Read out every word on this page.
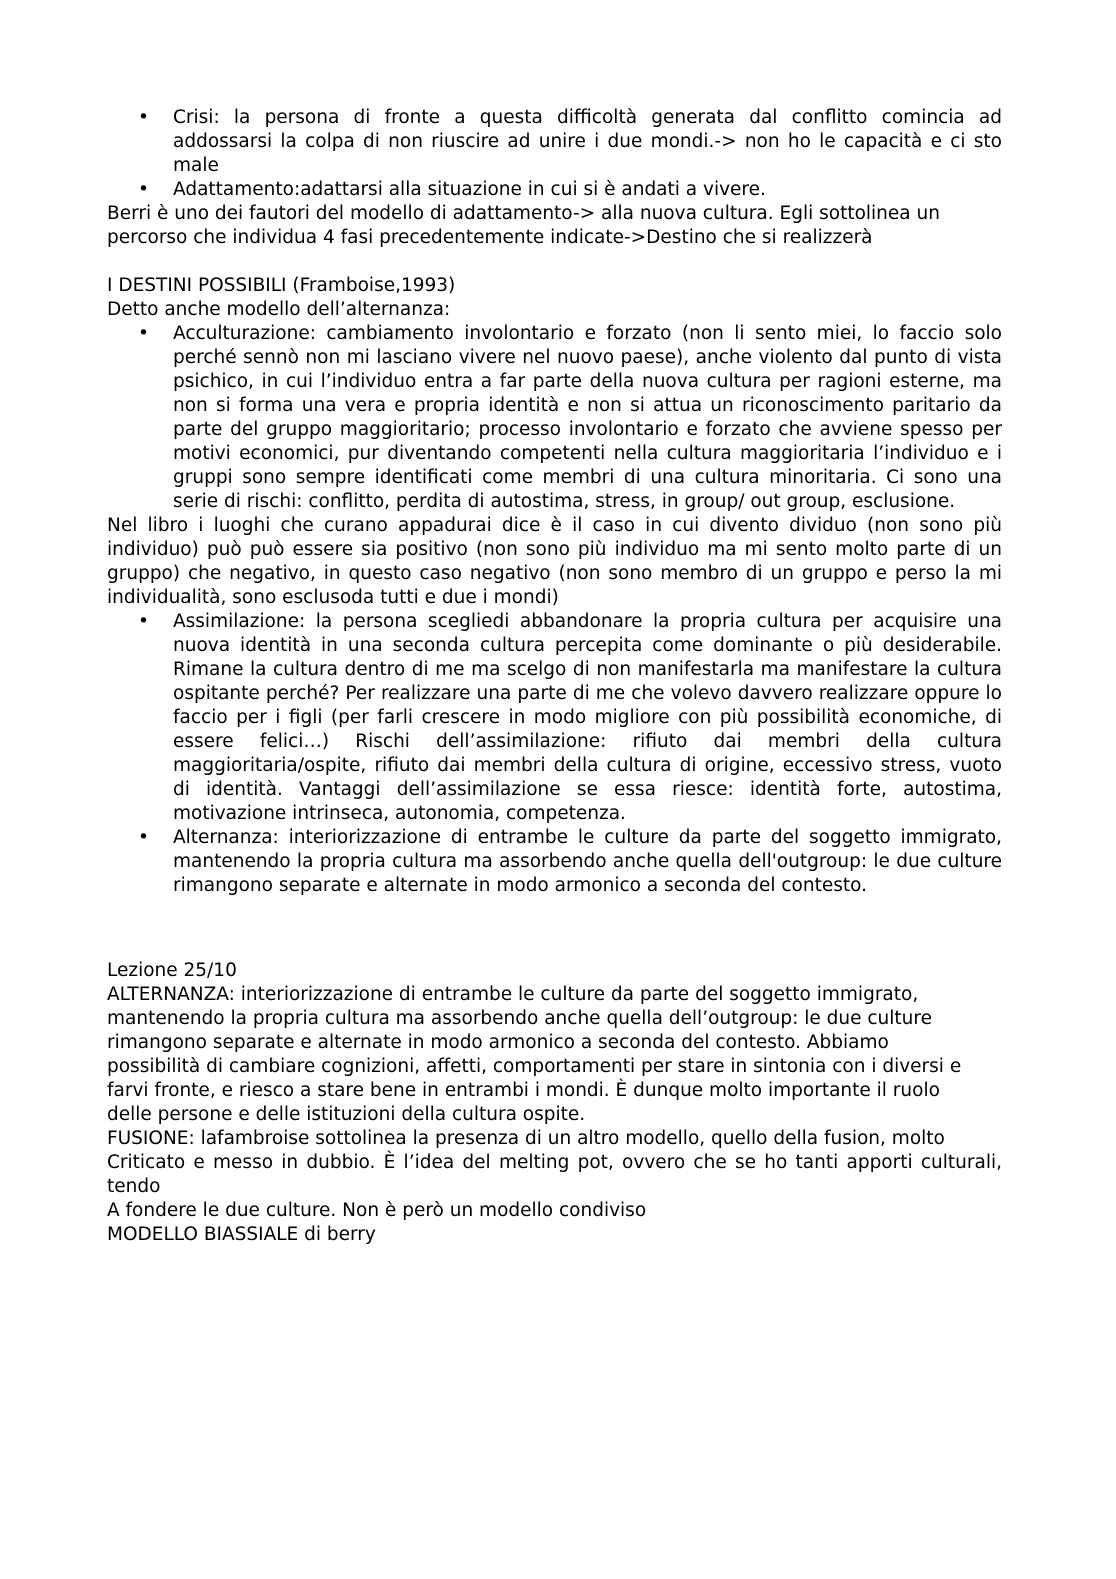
• Crisi: la persona di fronte a questa difficoltà generata dal conflitto comincia ad addossarsi la colpa di non riuscire ad unire i due mondi.-> non ho le capacità e ci sto male
• Adattamento:adattarsi alla situazione in cui si è andati a vivere.

Berri è uno dei fautori del modello di adattamento-> alla nuova cultura. Egli sottolinea un percorso che individua 4 fasi precedentemente indicate->Destino che si realizzerà

I DESTINI POSSIBILI (Framboise,1993)

Detto anche modello dell’alternanza:

• Acculturazione: cambiamento involontario e forzato (non li sento miei, lo faccio solo perché sennò non mi lasciano vivere nel nuovo paese), anche violento dal punto di vista psichico, in cui l’individuo entra a far parte della nuova cultura per ragioni esterne, ma non si forma una vera e propria identità e non si attua un riconoscimento paritario da parte del gruppo maggioritario; processo involontario e forzato che avviene spesso per motivi economici, pur diventando competenti nella cultura maggioritaria l’individuo e i gruppi sono sempre identificati come membri di una cultura minoritaria. Ci sono una serie di rischi: conflitto, perdita di autostima, stress, in group/ out group, esclusione.

Nel libro i luoghi che curano appadurai dice è il caso in cui divento dividuo (non sono più individuo) può può essere sia positivo (non sono più individuo ma mi sento molto parte di un gruppo) che negativo, in questo caso negativo (non sono membro di un gruppo e perso la mi individualità, sono esclusoda tutti e due i mondi)

• Assimilazione: la persona scegliedi abbandonare la propria cultura per acquisire una nuova identità in una seconda cultura percepita come dominante o più desiderabile. Rimane la cultura dentro di me ma scelgo di non manifestarla ma manifestare la cultura ospitante perché? Per realizzare una parte di me che volevo davvero realizzare oppure lo faccio per i figli (per farli crescere in modo migliore con più possibilità economiche, di essere felici…) Rischi dell’assimilazione: rifiuto dai membri della cultura maggioritaria/ospite, rifiuto dai membri della cultura di origine, eccessivo stress, vuoto di identità. Vantaggi dell’assimilazione se essa riesce: identità forte, autostima, motivazione intrinseca, autonomia, competenza.
• Alternanza: interiorizzazione di entrambe le culture da parte del soggetto immigrato, mantenendo la propria cultura ma assorbendo anche quella dell'outgroup: le due culture rimangono separate e alternate in modo armonico a seconda del contesto.

Lezione 25/10

ALTERNANZA: interiorizzazione di entrambe le culture da parte del soggetto immigrato,

mantenendo la propria cultura ma assorbendo anche quella dell’outgroup: le due culture

rimangono separate e alternate in modo armonico a seconda del contesto. Abbiamo

possibilità di cambiare cognizioni, affetti, comportamenti per stare in sintonia con i diversi e

farvi fronte, e riesco a stare bene in entrambi i mondi. È dunque molto importante il ruolo

delle persone e delle istituzioni della cultura ospite.

FUSIONE: lafambroise sottolinea la presenza di un altro modello, quello della fusion, molto

Criticato e messo in dubbio. È l’idea del melting pot, ovvero che se ho tanti apporti culturali, tendo

A fondere le due culture. Non è però un modello condiviso

MODELLO BIASSIALE di berry
